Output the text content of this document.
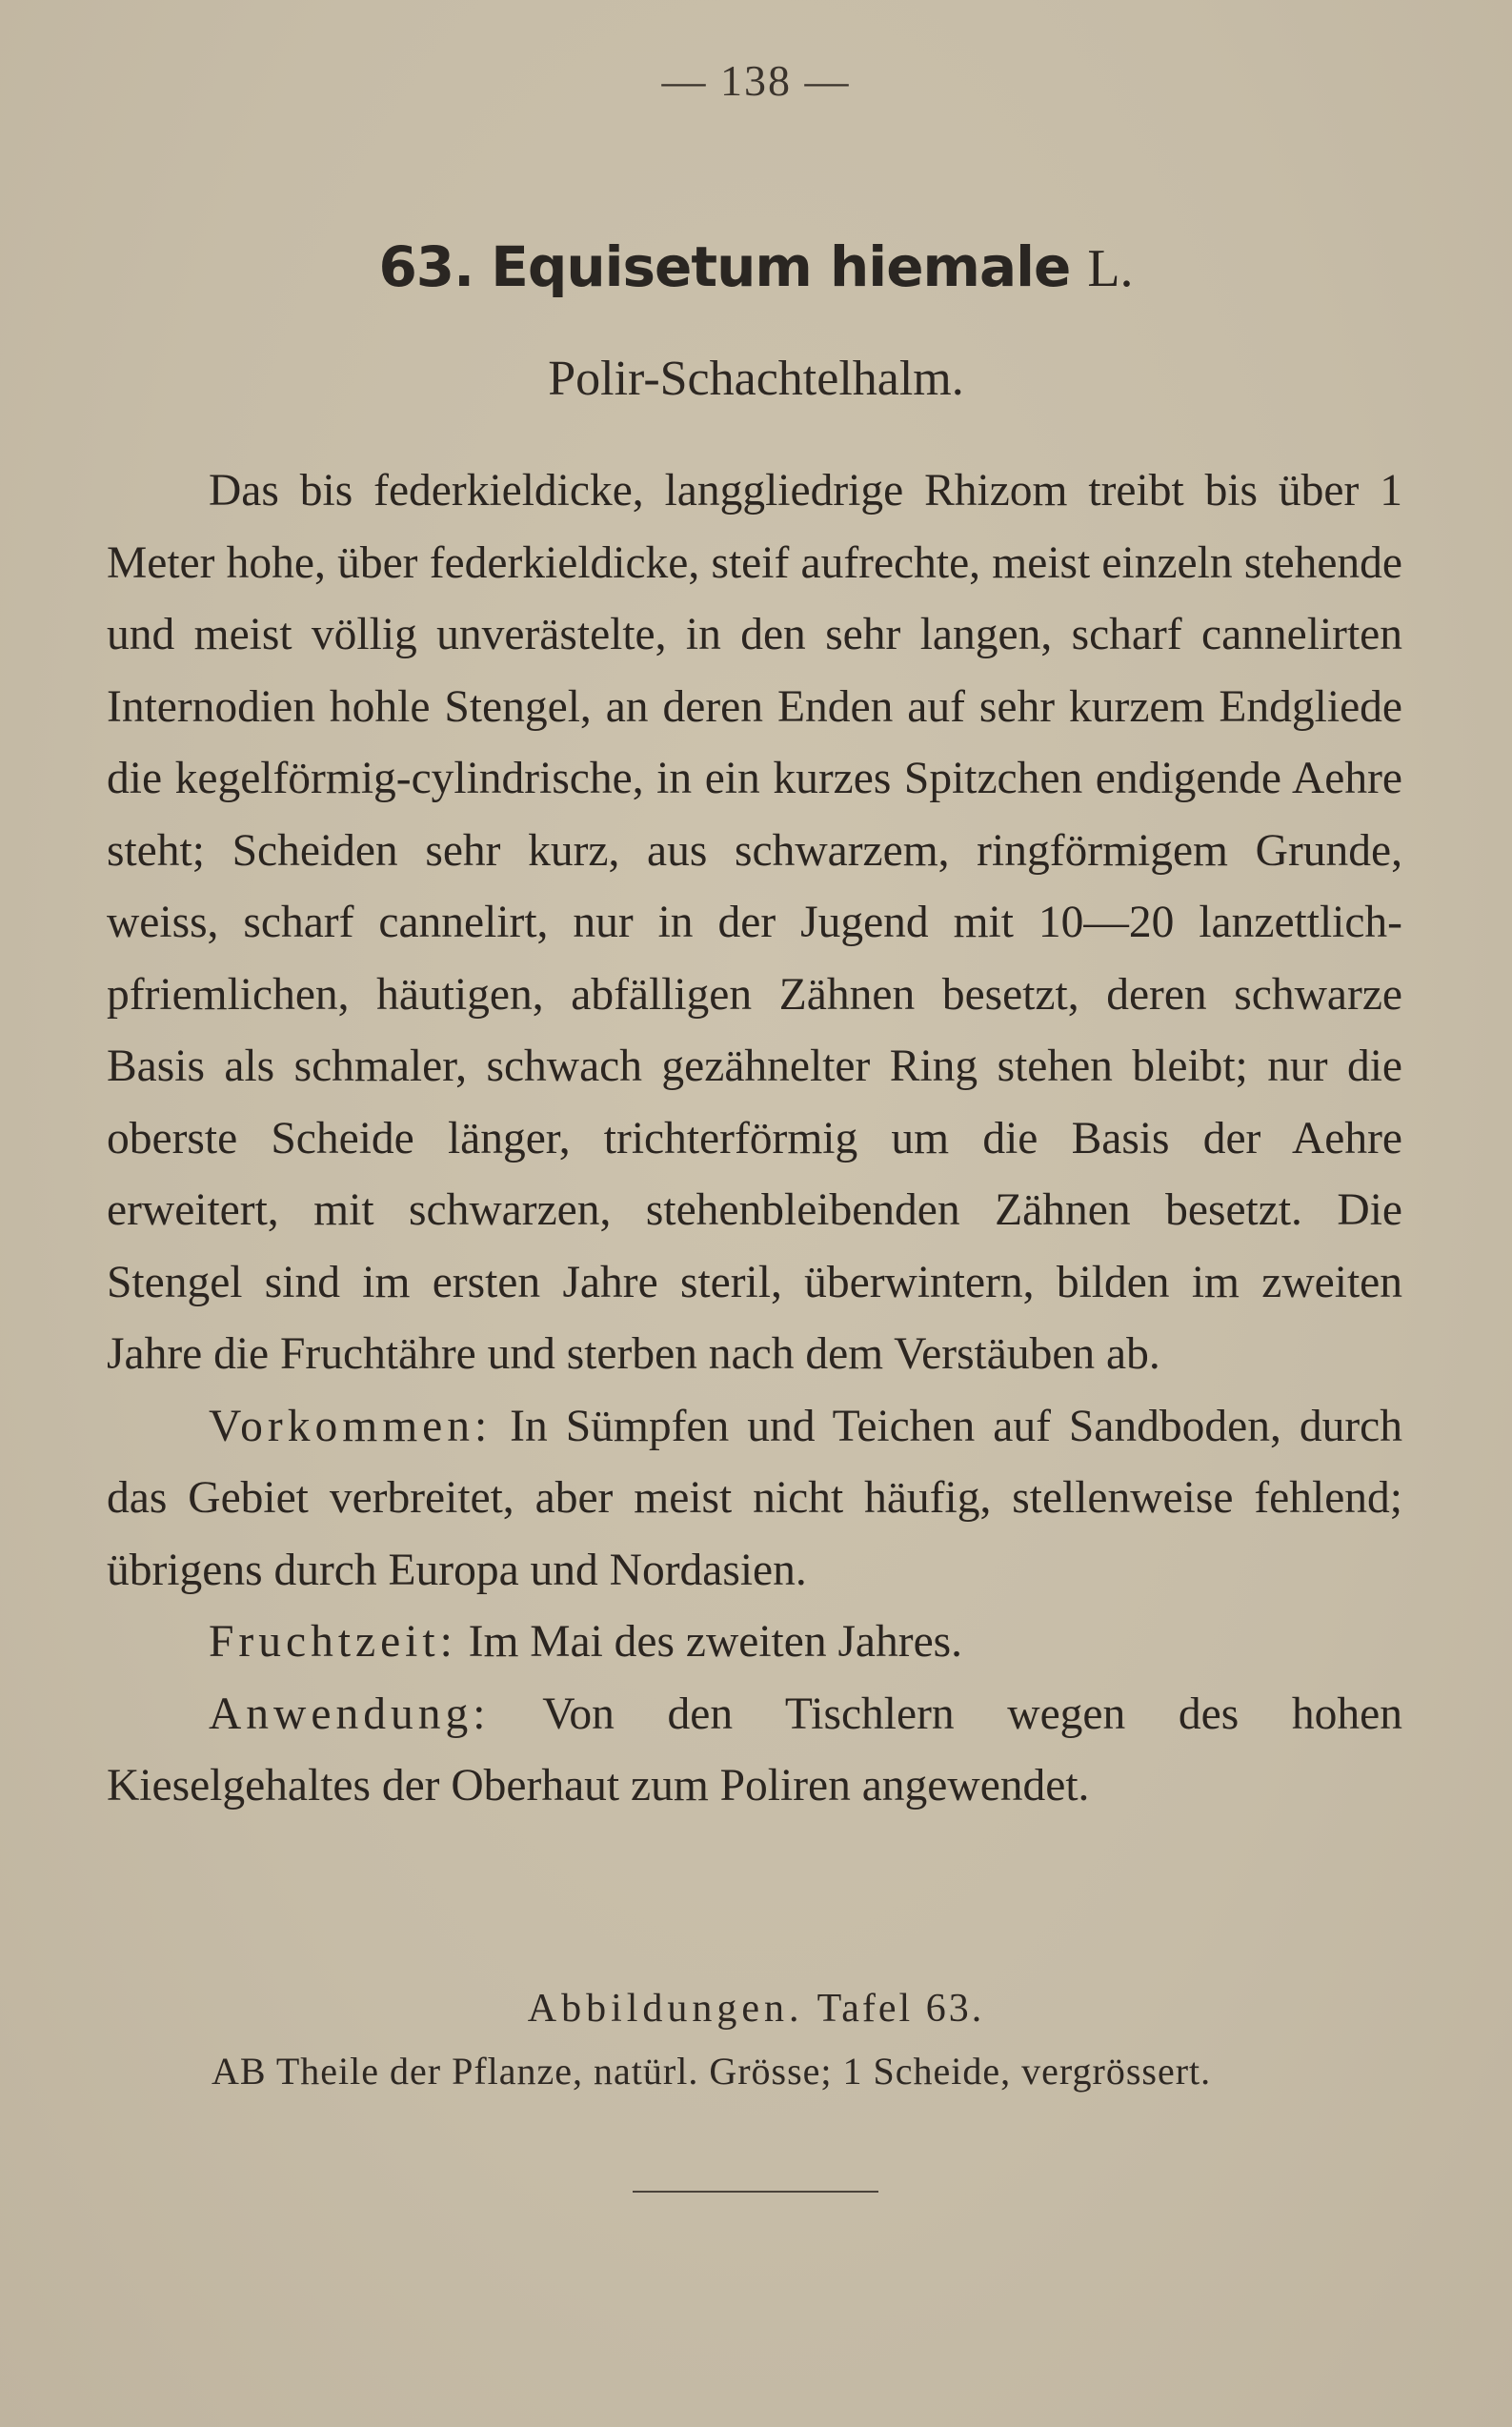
— 138 —
63. Equisetum hiemale L.
Polir-Schachtelhalm.

Das bis federkieldicke, langgliedrige Rhizom treibt bis über 1 Meter hohe, über federkieldicke, steif aufrechte, meist einzeln stehende und meist völlig unverästelte, in den sehr langen, scharf cannelirten Internodien hohle Stengel, an deren Enden auf sehr kurzem Endgliede die kegelförmig-cylindrische, in ein kurzes Spitzchen endigende Aehre steht; Scheiden sehr kurz, aus schwarzem, ringförmigem Grunde, weiss, scharf cannelirt, nur in der Jugend mit 10—20 lanzettlich-pfriemlichen, häutigen, abfälligen Zähnen besetzt, deren schwarze Basis als schmaler, schwach gezähnelter Ring stehen bleibt; nur die oberste Scheide länger, trichterförmig um die Basis der Aehre erweitert, mit schwarzen, stehenbleibenden Zähnen besetzt. Die Stengel sind im ersten Jahre steril, überwintern, bilden im zweiten Jahre die Fruchtähre und sterben nach dem Verstäuben ab.

Vorkommen: In Sümpfen und Teichen auf Sandboden, durch das Gebiet verbreitet, aber meist nicht häufig, stellenweise fehlend; übrigens durch Europa und Nordasien.

Fruchtzeit: Im Mai des zweiten Jahres.

Anwendung: Von den Tischlern wegen des hohen Kieselgehaltes der Oberhaut zum Poliren angewendet.

Abbildungen. Tafel 63.
AB Theile der Pflanze, natürl. Grösse; 1 Scheide, vergrössert.
